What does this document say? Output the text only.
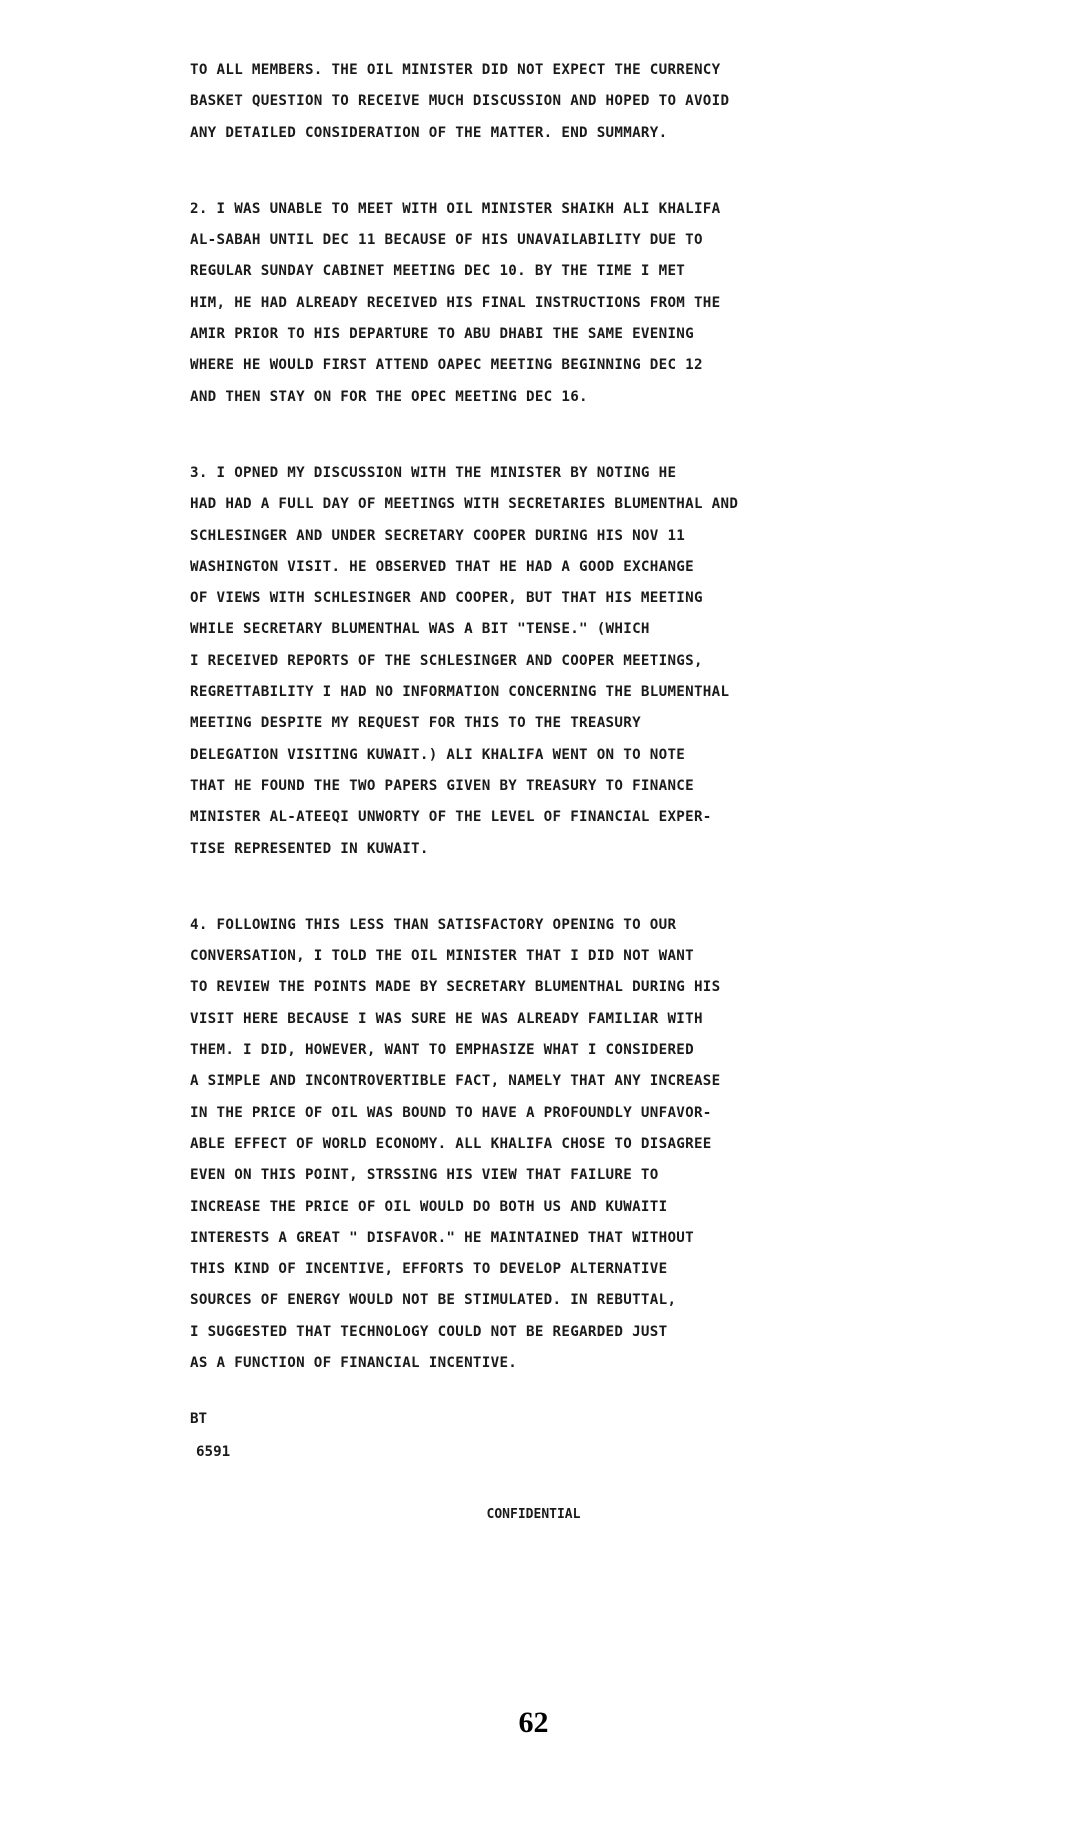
TO ALL MEMBERS. THE OIL MINISTER DID NOT EXPECT THE CURRENCY
BASKET QUESTION TO RECEIVE MUCH DISCUSSION AND HOPED TO AVOID
ANY DETAILED CONSIDERATION OF THE MATTER. END SUMMARY.
2. I WAS UNABLE TO MEET WITH OIL MINISTER SHAIKH ALI KHALIFA
AL-SABAH UNTIL DEC 11 BECAUSE OF HIS UNAVAILABILITY DUE TO
REGULAR SUNDAY CABINET MEETING DEC 10. BY THE TIME I MET
HIM, HE HAD ALREADY RECEIVED HIS FINAL INSTRUCTIONS FROM THE
AMIR PRIOR TO HIS DEPARTURE TO ABU DHABI THE SAME EVENING
WHERE HE WOULD FIRST ATTEND OAPEC MEETING BEGINNING DEC 12
AND THEN STAY ON FOR THE OPEC MEETING DEC 16.
3. I OPNED MY DISCUSSION WITH THE MINISTER BY NOTING HE
HAD HAD A FULL DAY OF MEETINGS WITH SECRETARIES BLUMENTHAL AND
SCHLESINGER AND UNDER SECRETARY COOPER DURING HIS NOV 11
WASHINGTON VISIT. HE OBSERVED THAT HE HAD A GOOD EXCHANGE
OF VIEWS WITH SCHLESINGER AND COOPER, BUT THAT HIS MEETING
WHILE SECRETARY BLUMENTHAL WAS A BIT "TENSE." (WHICH
I RECEIVED REPORTS OF THE SCHLESINGER AND COOPER MEETINGS,
REGRETTABILITY I HAD NO INFORMATION CONCERNING THE BLUMENTHAL
MEETING DESPITE MY REQUEST FOR THIS TO THE TREASURY
DELEGATION VISITING KUWAIT.) ALI KHALIFA WENT ON TO NOTE
THAT HE FOUND THE TWO PAPERS GIVEN BY TREASURY TO FINANCE
MINISTER AL-ATEEQI UNWORTY OF THE LEVEL OF FINANCIAL EXPER-
TISE REPRESENTED IN KUWAIT.
4. FOLLOWING THIS LESS THAN SATISFACTORY OPENING TO OUR
CONVERSATION, I TOLD THE OIL MINISTER THAT I DID NOT WANT
TO REVIEW THE POINTS MADE BY SECRETARY BLUMENTHAL DURING HIS
VISIT HERE BECAUSE I WAS SURE HE WAS ALREADY FAMILIAR WITH
THEM. I DID, HOWEVER, WANT TO EMPHASIZE WHAT I CONSIDERED
A SIMPLE AND INCONTROVERTIBLE FACT, NAMELY THAT ANY INCREASE
IN THE PRICE OF OIL WAS BOUND TO HAVE A PROFOUNDLY UNFAVOR-
ABLE EFFECT OF WORLD ECONOMY. ALL KHALIFA CHOSE TO DISAGREE
EVEN ON THIS POINT, STRSSING HIS VIEW THAT FAILURE TO
INCREASE THE PRICE OF OIL WOULD DO BOTH US AND KUWAITI
INTERESTS A GREAT " DISFAVOR." HE MAINTAINED THAT WITHOUT
THIS KIND OF INCENTIVE, EFFORTS TO DEVELOP ALTERNATIVE
SOURCES OF ENERGY WOULD NOT BE STIMULATED. IN REBUTTAL,
I SUGGESTED THAT TECHNOLOGY COULD NOT BE REGARDED JUST
AS A FUNCTION OF FINANCIAL INCENTIVE.
BT
6591
CONFIDENTIAL
62
